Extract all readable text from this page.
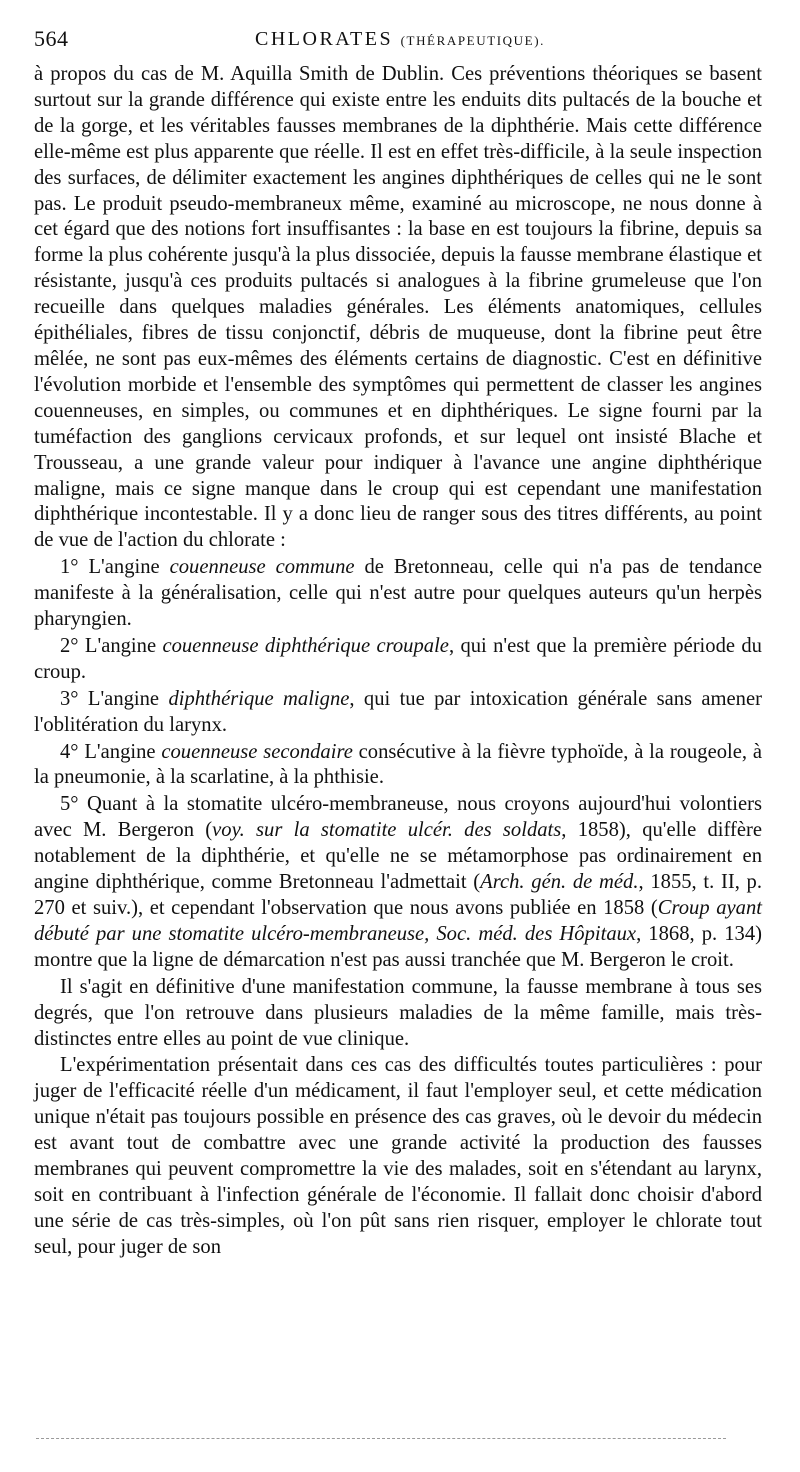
564	CHLORATES (THÉRAPEUTIQUE).

à propos du cas de M. Aquilla Smith de Dublin. Ces préventions théoriques se basent surtout sur la grande différence qui existe entre les enduits dits pultacés de la bouche et de la gorge, et les véritables fausses membranes de la diphthérie. Mais cette différence elle-même est plus apparente que réelle. Il est en effet très-difficile, à la seule inspection des surfaces, de délimiter exactement les angines diphthériques de celles qui ne le sont pas. Le produit pseudo-membraneux même, examiné au microscope, ne nous donne à cet égard que des notions fort insuffisantes : la base en est toujours la fibrine, depuis sa forme la plus cohérente jusqu'à la plus dissociée, depuis la fausse membrane élastique et résistante, jusqu'à ces produits pultacés si analogues à la fibrine grumeleuse que l'on recueille dans quelques maladies générales. Les éléments anatomiques, cellules épithéliales, fibres de tissu conjonctif, débris de muqueuse, dont la fibrine peut être mêlée, ne sont pas eux-mêmes des éléments certains de diagnostic. C'est en définitive l'évolution morbide et l'ensemble des symptômes qui permettent de classer les angines couenneuses, en simples, ou communes et en diphthériques. Le signe fourni par la tuméfaction des ganglions cervicaux profonds, et sur lequel ont insisté Blache et Trousseau, a une grande valeur pour indiquer à l'avance une angine diphthérique maligne, mais ce signe manque dans le croup qui est cependant une manifestation diphthérique incontestable. Il y a donc lieu de ranger sous des titres différents, au point de vue de l'action du chlorate :

1° L'angine couenneuse commune de Bretonneau, celle qui n'a pas de tendance manifeste à la généralisation, celle qui n'est autre pour quelques auteurs qu'un herpès pharyngien.

2° L'angine couenneuse diphthérique croupale, qui n'est que la première période du croup.

3° L'angine diphthérique maligne, qui tue par intoxication générale sans amener l'oblitération du larynx.

4° L'angine couenneuse secondaire consécutive à la fièvre typhoïde, à la rougeole, à la pneumonie, à la scarlatine, à la phthisie.

5° Quant à la stomatite ulcéro-membraneuse, nous croyons aujourd'hui volontiers avec M. Bergeron (voy. sur la stomatite ulcér. des soldats, 1858), qu'elle diffère notablement de la diphthérie, et qu'elle ne se métamorphose pas ordinairement en angine diphthérique, comme Bretonneau l'admettait (Arch. gén. de méd., 1855, t. II, p. 270 et suiv.), et cependant l'observation que nous avons publiée en 1858 (Croup ayant débuté par une stomatite ulcéro-membraneuse, Soc. méd. des Hôpitaux, 1868, p. 134) montre que la ligne de démarcation n'est pas aussi tranchée que M. Bergeron le croit.

Il s'agit en définitive d'une manifestation commune, la fausse membrane à tous ses degrés, que l'on retrouve dans plusieurs maladies de la même famille, mais très-distinctes entre elles au point de vue clinique.

L'expérimentation présentait dans ces cas des difficultés toutes particulières : pour juger de l'efficacité réelle d'un médicament, il faut l'employer seul, et cette médication unique n'était pas toujours possible en présence des cas graves, où le devoir du médecin est avant tout de combattre avec une grande activité la production des fausses membranes qui peuvent compromettre la vie des malades, soit en s'étendant au larynx, soit en contribuant à l'infection générale de l'économie. Il fallait donc choisir d'abord une série de cas très-simples, où l'on pût sans rien risquer, employer le chlorate tout seul, pour juger de son
